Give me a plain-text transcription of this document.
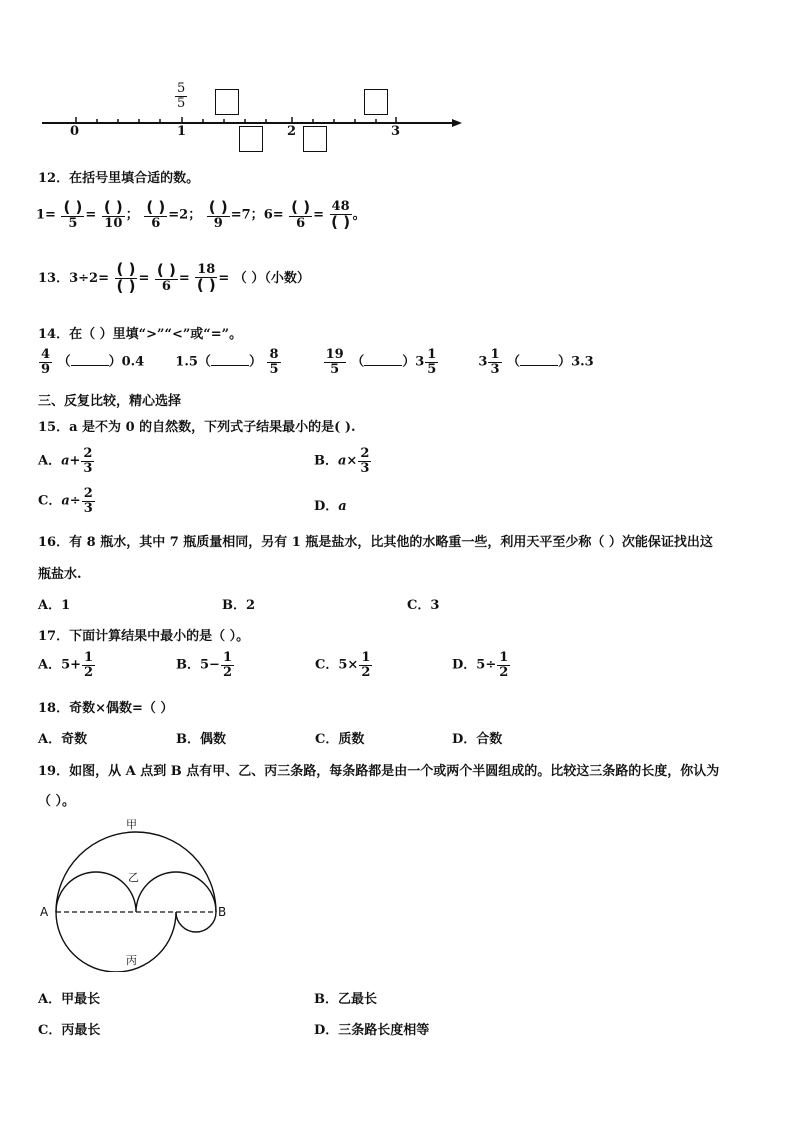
0	1	2	3
$\frac{5}{5}$
12．在括号里填合适的数。
$1= \frac{( )}{5} = \frac{( )}{10}$ ； $\frac{( )}{6} =2$； $\frac{( )}{9} =7$；$6= \frac{( )}{6} = \frac{48}{( )}$ 。
13．$3\div 2= \frac{( )}{( )} = \frac{( )}{6} = \frac{18}{( )}$ = （ ）（小数）
14．在（ ）里填“>”“<”或“=”。
$\frac{4}{9}$ （	）0.4 1.5（	） $\frac{8}{5}$
	$\frac{19}{5}$ （	）$3 \frac{1}{5}$	$3 \frac{1}{3}$ （	）3.3
三、反复比较，精心选择
15．a 是不为 0 的自然数，下列式子结果最小的是( ).
A．$a+ \frac{2}{3}$	B．$a\times \frac{2}{3}$
C．$a\div \frac{2}{3}$	D．a
16．有 8 瓶水，其中 7 瓶质量相同，另有 1 瓶是盐水，比其他的水略重一些，利用天平至少称（ ）次能保证找出这
瓶盐水.
A．1	B．2	C．3
17．下面计算结果中最小的是（ ）。
A．$5+ \frac{1}{2}$	B．$5- \frac{1}{2}$	C．$5\times \frac{1}{2}$	D．$5\div \frac{1}{2}$
18．奇数×偶数=（ ）
A．奇数	B．偶数	C．质数	D．合数
19．如图，从 A 点到 B 点有甲、乙、丙三条路，每条路都是由一个或两个半圆组成的。比较这三条路的长度，你认为
（ ）。
甲
乙
丙
A	B
A．甲最长	B．乙最长
C．丙最长	D．三条路长度相等
